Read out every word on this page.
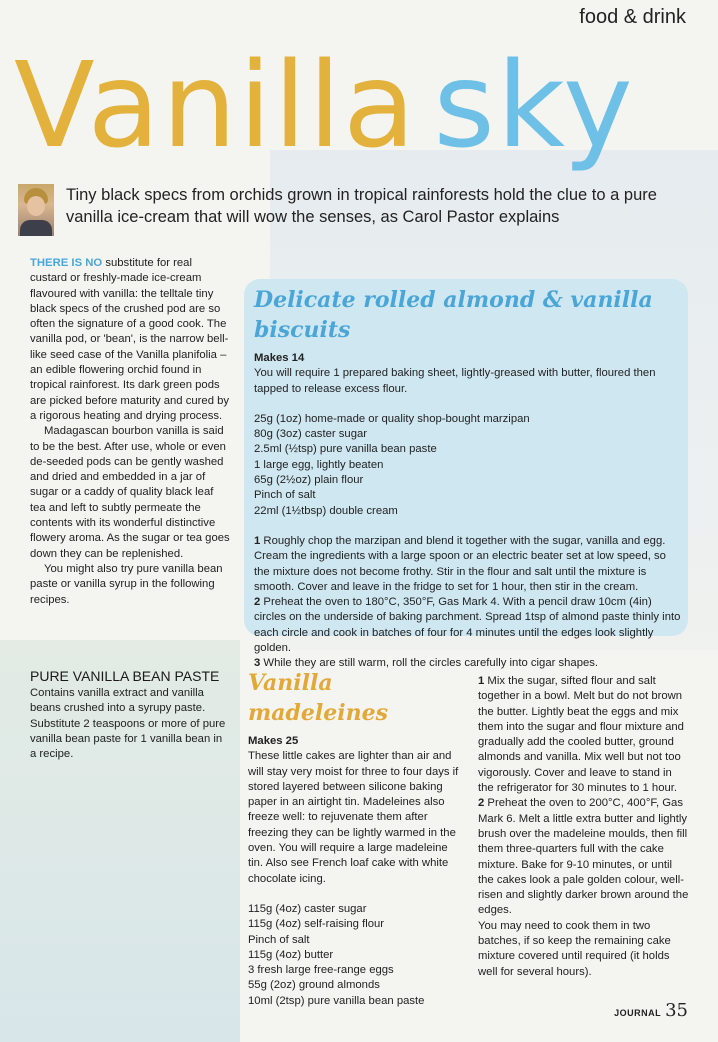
food & drink
Vanilla sky
Tiny black specs from orchids grown in tropical rainforests hold the clue to a pure vanilla ice-cream that will wow the senses, as Carol Pastor explains

THERE IS NO substitute for real custard or freshly-made ice-cream flavoured with vanilla: the telltale tiny black specs of the crushed pod are so often the signature of a good cook. The vanilla pod, or 'bean', is the narrow bell-like seed case of the Vanilla planifolia – an edible flowering orchid found in tropical rainforest. Its dark green pods are picked before maturity and cured by a rigorous heating and drying process.

Madagascan bourbon vanilla is said to be the best. After use, whole or even de-seeded pods can be gently washed and dried and embedded in a jar of sugar or a caddy of quality black leaf tea and left to subtly permeate the contents with its wonderful distinctive flowery aroma. As the sugar or tea goes down they can be replenished.

You might also try pure vanilla bean paste or vanilla syrup in the following recipes.

Delicate rolled almond & vanilla biscuits

Makes 14

You will require 1 prepared baking sheet, lightly-greased with butter, floured then tapped to release excess flour.

25g (1oz) home-made or quality shop-bought marzipan
80g (3oz) caster sugar
2.5ml (½tsp) pure vanilla bean paste
1 large egg, lightly beaten
65g (2½oz) plain flour
Pinch of salt
22ml (1½tbsp) double cream
1 Roughly chop the marzipan and blend it together with the sugar, vanilla and egg. Cream the ingredients with a large spoon or an electric beater set at low speed, so the mixture does not become frothy. Stir in the flour and salt until the mixture is smooth. Cover and leave in the fridge to set for 1 hour, then stir in the cream.
2 Preheat the oven to 180°C, 350°F, Gas Mark 4. With a pencil draw 10cm (4in) circles on the underside of baking parchment. Spread 1tsp of almond paste thinly into each circle and cook in batches of four for 4 minutes until the edges look slightly golden.
3 While they are still warm, roll the circles carefully into cigar shapes.
PURE VANILLA BEAN PASTE
Contains vanilla extract and vanilla beans crushed into a syrupy paste. Substitute 2 teaspoons or more of pure vanilla bean paste for 1 vanilla bean in a recipe.
Vanilla madeleines

Makes 25

These little cakes are lighter than air and will stay very moist for three to four days if stored layered between silicone baking paper in an airtight tin. Madeleines also freeze well: to rejuvenate them after freezing they can be lightly warmed in the oven. You will require a large madeleine tin. Also see French loaf cake with white chocolate icing.

115g (4oz) caster sugar
115g (4oz) self-raising flour
Pinch of salt
115g (4oz) butter
3 fresh large free-range eggs
55g (2oz) ground almonds
10ml (2tsp) pure vanilla bean paste

1 Mix the sugar, sifted flour and salt together in a bowl. Melt but do not brown the butter. Lightly beat the eggs and mix them into the sugar and flour mixture and gradually add the cooled butter, ground almonds and vanilla. Mix well but not too vigorously. Cover and leave to stand in the refrigerator for 30 minutes to 1 hour.

2 Preheat the oven to 200°C, 400°F, Gas Mark 6. Melt a little extra butter and lightly brush over the madeleine moulds, then fill them three-quarters full with the cake mixture. Bake for 9-10 minutes, or until the cakes look a pale golden colour, well-risen and slightly darker brown around the edges.

You may need to cook them in two batches, if so keep the remaining cake mixture covered until required (it holds well for several hours).

JOURNAL 35
